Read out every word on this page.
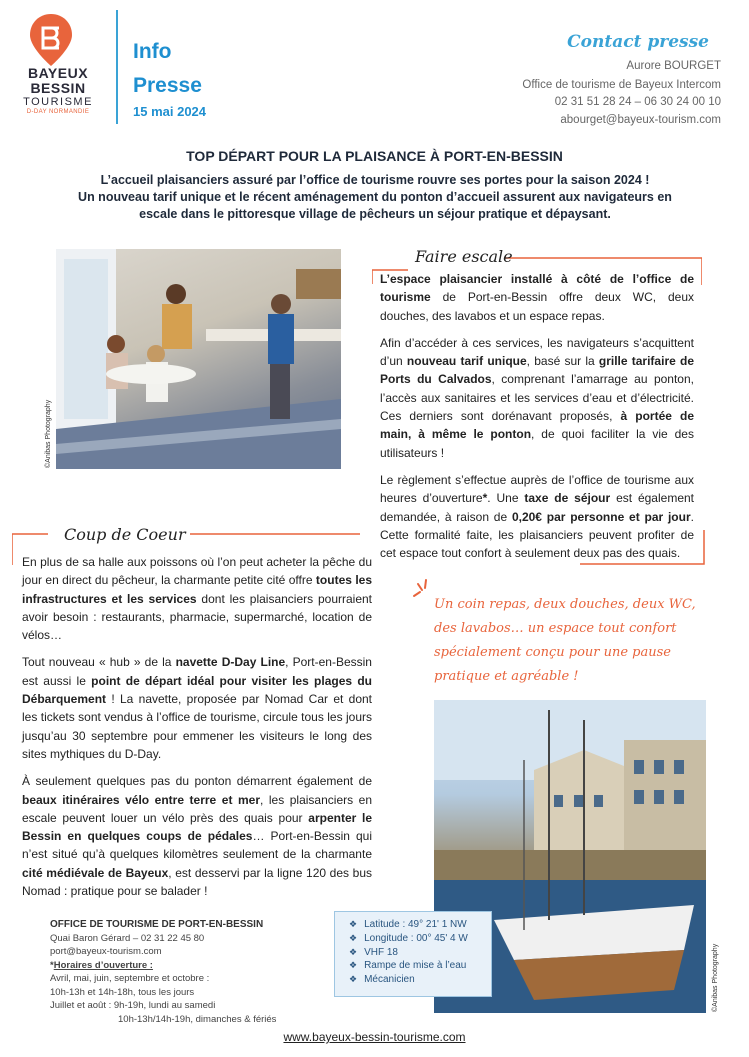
BAYEUX
BESSIN
TOURISME
D-DAY NORMANDIE
Info
Presse
15 mai 2024
Contact presse
Aurore BOURGET
Office de tourisme de Bayeux Intercom
02 31 51 28 24 – 06 30 24 00 10
abourget@bayeux-tourism.com
TOP DÉPART POUR LA PLAISANCE À PORT-EN-BESSIN
L’accueil plaisanciers assuré par l’office de tourisme rouvre ses portes pour la saison 2024 !
Un nouveau tarif unique et le récent aménagement du ponton d’accueil assurent aux navigateurs en
escale dans le pittoresque village de pêcheurs un séjour pratique et dépaysant.
©Anibas Photography
Faire escale

L’espace plaisancier installé à côté de l’office de tourisme de Port-en-Bessin offre deux WC, deux douches, des lavabos et un espace repas.

Afin d’accéder à ces services, les navigateurs s’acquittent d’un nouveau tarif unique, basé sur la grille tarifaire de Ports du Calvados, comprenant l’amarrage au ponton, l’accès aux sanitaires et les services d’eau et d’électricité. Ces derniers sont dorénavant proposés, à portée de main, à même le ponton, de quoi faciliter la vie des utilisateurs !

Le règlement s’effectue auprès de l’office de tourisme aux heures d’ouverture*. Une taxe de séjour est également demandée, à raison de 0,20€ par personne et par jour. Cette formalité faite, les plaisanciers peuvent profiter de cet espace tout confort à seulement deux pas des quais.

Coup de Coeur

En plus de sa halle aux poissons où l’on peut acheter la pêche du jour en direct du pêcheur, la charmante petite cité offre toutes les infrastructures et les services dont les plaisanciers pourraient avoir besoin : restaurants, pharmacie, supermarché, location de vélos…

Tout nouveau « hub » de la navette D-Day Line, Port-en-Bessin est aussi le point de départ idéal pour visiter les plages du Débarquement ! La navette, proposée par Nomad Car et dont les tickets sont vendus à l’office de tourisme, circule tous les jours jusqu’au 30 septembre pour emmener les visiteurs le long des sites mythiques du D-Day.

À seulement quelques pas du ponton démarrent également de beaux itinéraires vélo entre terre et mer, les plaisanciers en escale peuvent louer un vélo près des quais pour arpenter le Bessin en quelques coups de pédales… Port-en-Bessin qui n’est situé qu’à quelques kilomètres seulement de la charmante cité médiévale de Bayeux, est desservi par la ligne 120 des bus Nomad : pratique pour se balader !

Un coin repas, deux douches, deux WC, des lavabos… un espace tout confort spécialement conçu pour une pause pratique et agréable !
©Anibas Photography
OFFICE DE TOURISME DE PORT-EN-BESSIN
Quai Baron Gérard – 02 31 22 45 80
port@bayeux-tourism.com
*Horaires d’ouverture :
Avril, mai, juin, septembre et octobre :
10h-13h et 14h-18h, tous les jours
Juillet et août : 9h-19h, lundi au samedi
10h-13h/14h-19h, dimanches & fériés
❖ Latitude : 49° 21' 1 NW
❖ Longitude : 00° 45' 4 W
❖ VHF 18
❖ Rampe de mise à l’eau
❖ Mécanicien
www.bayeux-bessin-tourisme.com
